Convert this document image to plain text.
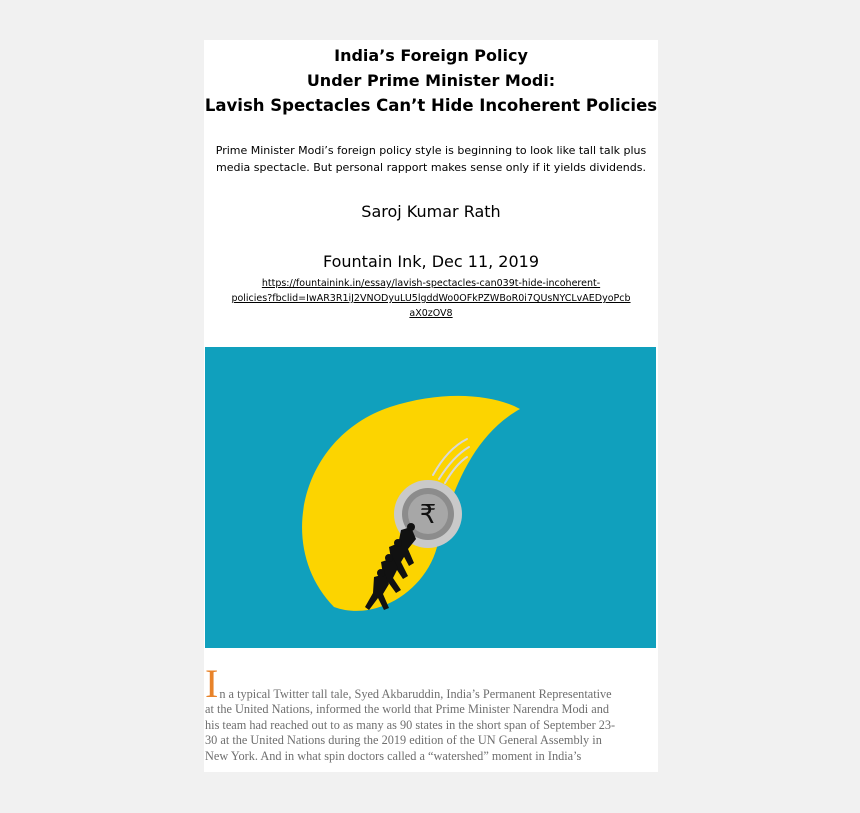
India’s Foreign Policy
Under Prime Minister Modi:
Lavish Spectacles Can’t Hide Incoherent Policies
Prime Minister Modi’s foreign policy style is beginning to look like tall talk plus
media spectacle. But personal rapport makes sense only if it yields dividends.
Saroj Kumar Rath
Fountain Ink, Dec 11, 2019
https://fountainink.in/essay/lavish-spectacles-can039t-hide-incoherent-
policies?fbclid=IwAR3R1iJ2VNODyuLU5lgddWo0OFkPZWBoR0i7QUsNYCLvAEDyoPcb
aX0zOV8
₹
I n a typical Twitter tall tale, Syed Akbaruddin, India’s Permanent Representative
at the United Nations, informed the world that Prime Minister Narendra Modi and
his team had reached out to as many as 90 states in the short span of September 23-
30 at the United Nations during the 2019 edition of the UN General Assembly in
New York. And in what spin doctors called a “watershed” moment in India’s
